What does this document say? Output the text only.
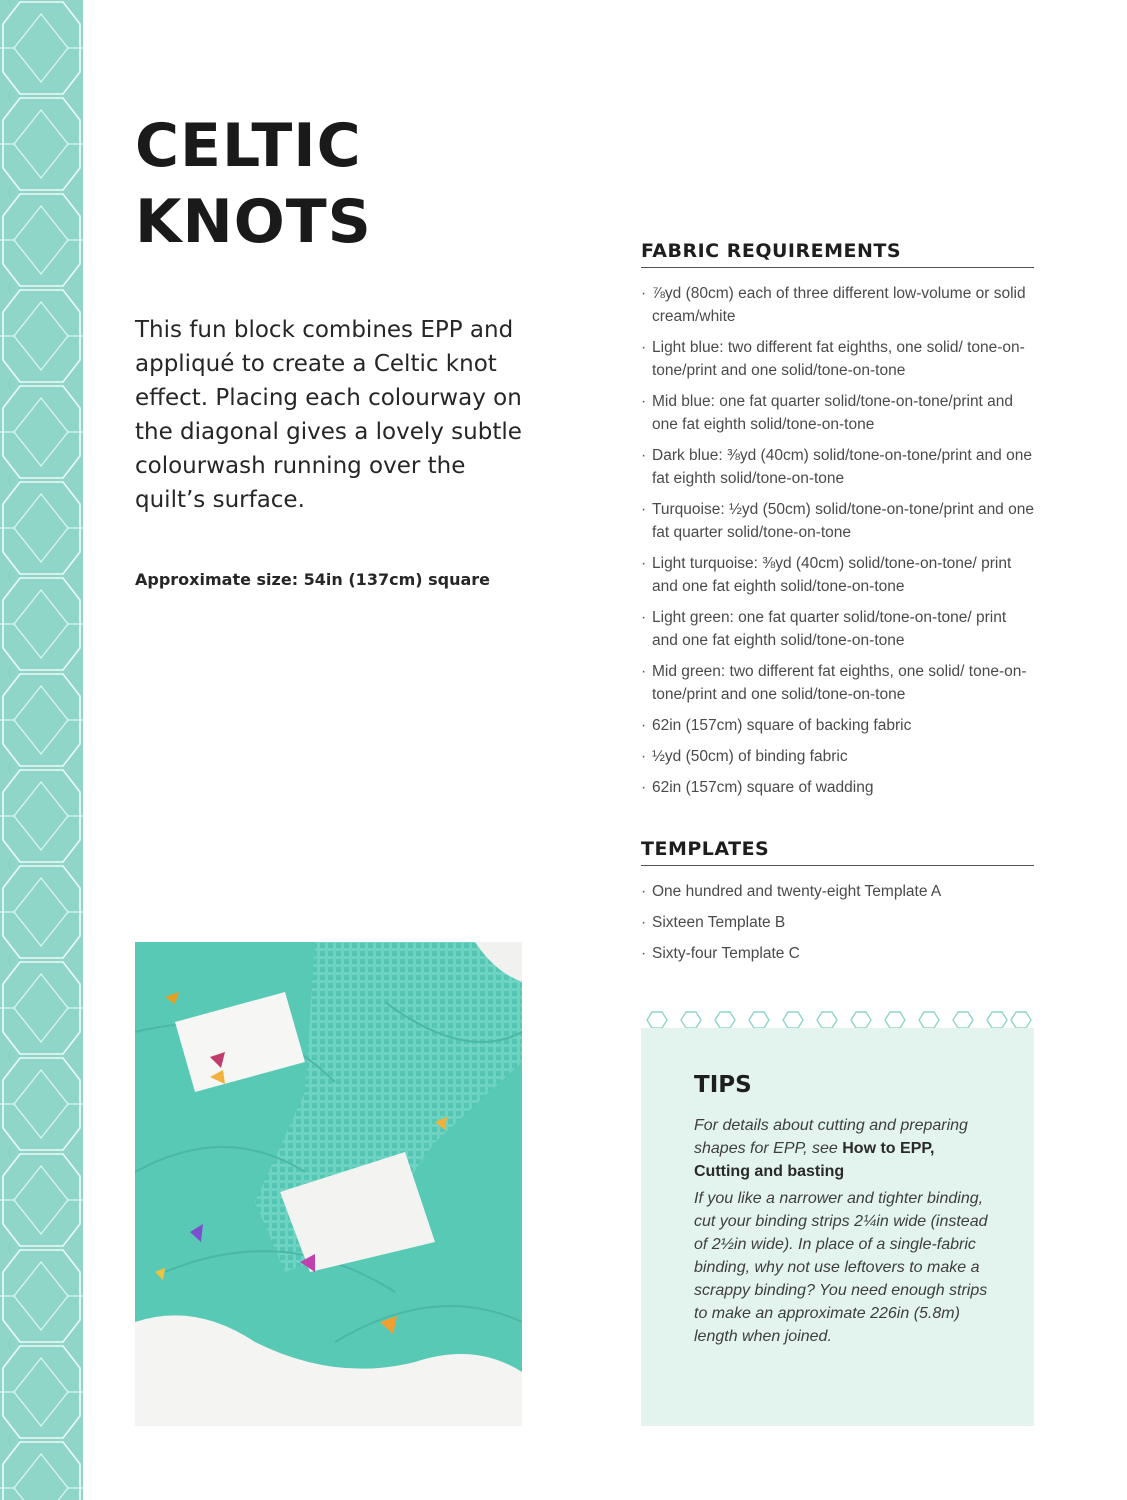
CELTIC
KNOTS

This fun block combines EPP and appliqué to create a Celtic knot effect. Placing each colourway on the diagonal gives a lovely subtle colourwash running over the quilt’s surface.

Approximate size: 54in (137cm) square

FABRIC REQUIREMENTS
· ⅞yd (80cm) each of three different low-volume or solid cream/white
· Light blue: two different fat eighths, one solid/ tone-on-tone/print and one solid/tone-on-tone
· Mid blue: one fat quarter solid/tone-on-tone/print and one fat eighth solid/tone-on-tone
· Dark blue: ⅜yd (40cm) solid/tone-on-tone/print and one fat eighth solid/tone-on-tone
· Turquoise: ½yd (50cm) solid/tone-on-tone/print and one fat quarter solid/tone-on-tone
· Light turquoise: ⅜yd (40cm) solid/tone-on-tone/ print and one fat eighth solid/tone-on-tone
· Light green: one fat quarter solid/tone-on-tone/ print and one fat eighth solid/tone-on-tone
· Mid green: two different fat eighths, one solid/ tone-on-tone/print and one solid/tone-on-tone
· 62in (157cm) square of backing fabric
· ½yd (50cm) of binding fabric
· 62in (157cm) square of wadding
TEMPLATES
· One hundred and twenty-eight Template A
· Sixteen Template B
· Sixty-four Template C
TIPS

For details about cutting and preparing shapes for EPP, see How to EPP, Cutting and basting

If you like a narrower and tighter binding, cut your binding strips 2¼in wide (instead of 2½in wide). In place of a single-fabric binding, why not use leftovers to make a scrappy binding? You need enough strips to make an approximate 226in (5.8m) length when joined.
